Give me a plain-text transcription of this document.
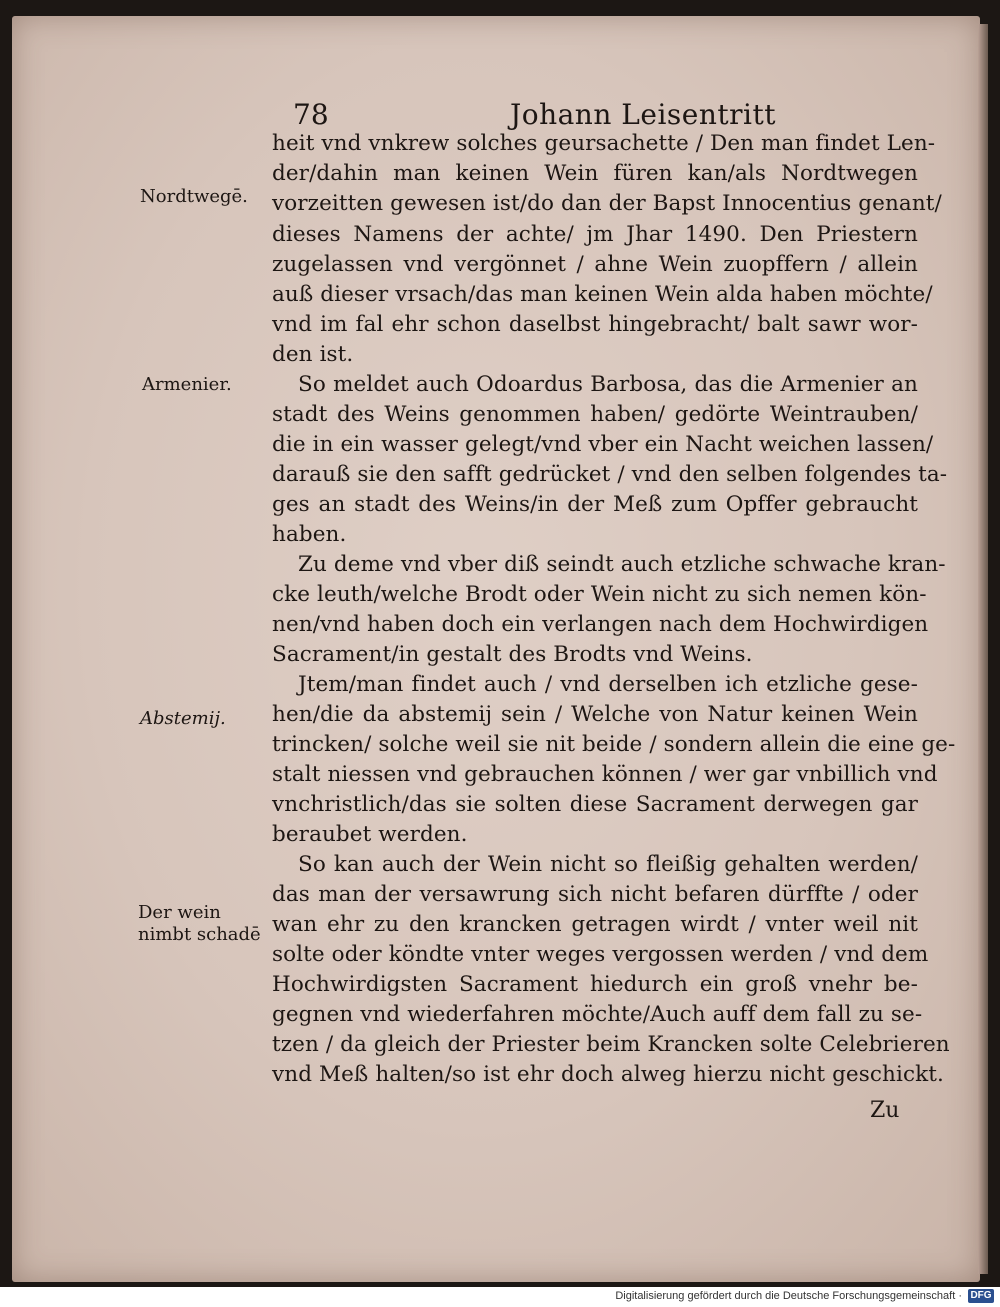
78	Johann Leisentritt
Nordtwegē.
Armenier.
Abstemij.
Der wein
nimbt schadē
heit vnd vnkrew solches geursachette / Den man findet Len-
der/dahin man keinen Wein füren kan/als Nordtwegen
vorzeitten gewesen ist/do dan der Bapst Innocentius genant/
dieses Namens der achte/ jm Jhar 1490. Den Priestern
zugelassen vnd vergönnet / ahne Wein zuopffern / allein
auß dieser vrsach/das man keinen Wein alda haben möchte/
vnd im fal ehr schon daselbst hingebracht/ balt sawr wor-
den ist.
So meldet auch Odoardus Barbosa, das die Armenier an
stadt des Weins genommen haben/ gedörte Weintrauben/
die in ein wasser gelegt/vnd vber ein Nacht weichen lassen/
darauß sie den safft gedrücket / vnd den selben folgendes ta-
ges an stadt des Weins/in der Meß zum Opffer gebraucht
haben.
Zu deme vnd vber diß seindt auch etzliche schwache kran-
cke leuth/welche Brodt oder Wein nicht zu sich nemen kön-
nen/vnd haben doch ein verlangen nach dem Hochwirdigen
Sacrament/in gestalt des Brodts vnd Weins.
Jtem/man findet auch / vnd derselben ich etzliche gese-
hen/die da abstemij sein / Welche von Natur keinen Wein
trincken/ solche weil sie nit beide / sondern allein die eine ge-
stalt niessen vnd gebrauchen können / wer gar vnbillich vnd
vnchristlich/das sie solten diese Sacrament derwegen gar
beraubet werden.
So kan auch der Wein nicht so fleißig gehalten werden/
das man der versawrung sich nicht befaren dürffte / oder
wan ehr zu den krancken getragen wirdt / vnter weil nit
solte oder köndte vnter weges vergossen werden / vnd dem
Hochwirdigsten Sacrament hiedurch ein groß vnehr be-
gegnen vnd wiederfahren möchte/Auch auff dem fall zu se-
tzen / da gleich der Priester beim Krancken solte Celebrieren
vnd Meß halten/so ist ehr doch alweg hierzu nicht geschickt.
Zu
Digitalisierung gefördert durch die Deutsche Forschungsgemeinschaft · DFG
